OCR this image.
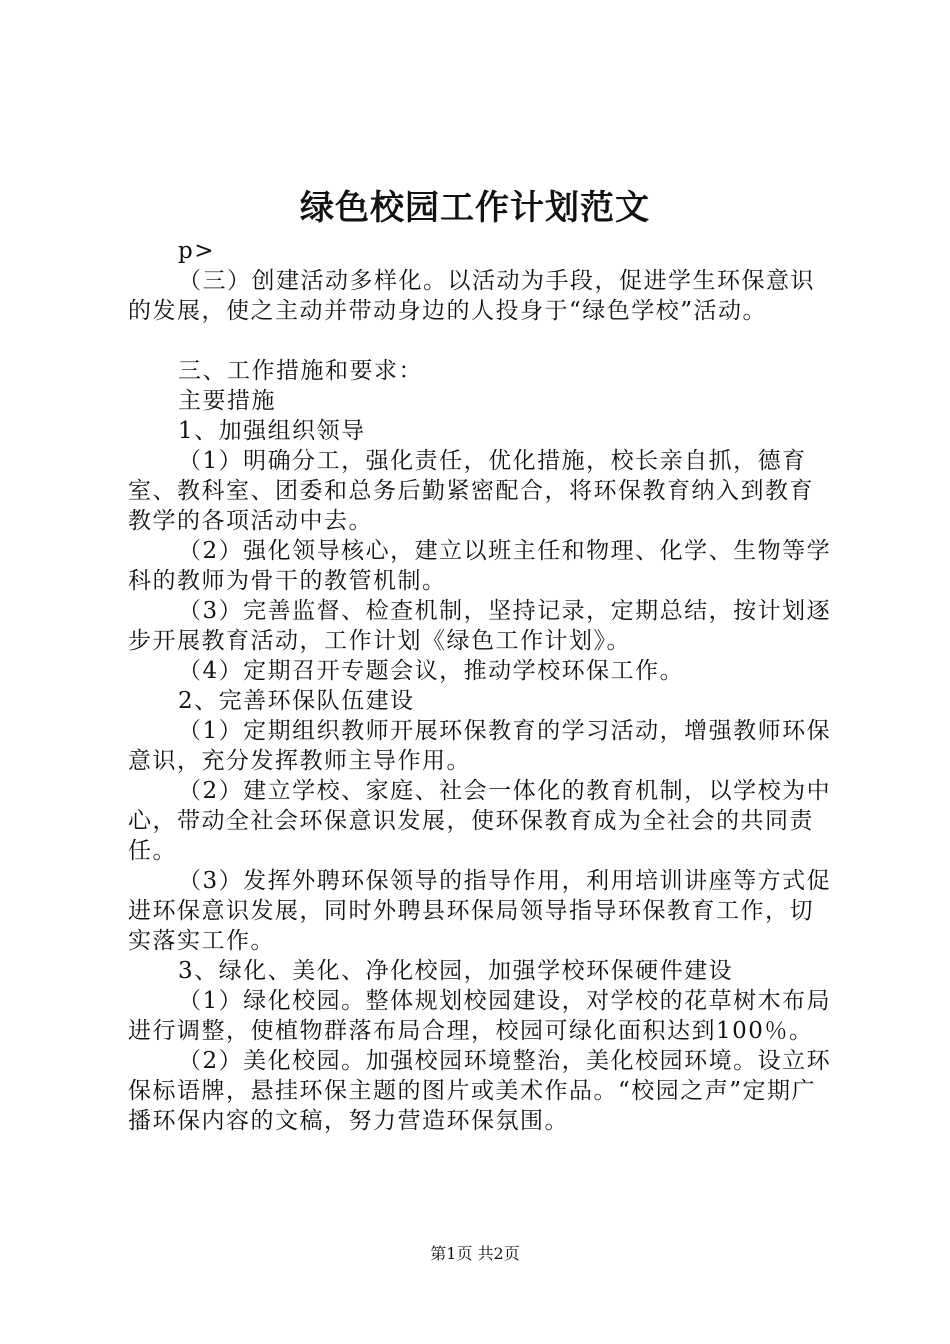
绿色校园工作计划范文

p>

（三）创建活动多样化。以活动为手段，促进学生环保意识的发展，使之主动并带动身边的人投身于“绿色学校”活动。

三、工作措施和要求：

主要措施

1、加强组织领导

（1）明确分工，强化责任，优化措施，校长亲自抓，德育室、教科室、团委和总务后勤紧密配合，将环保教育纳入到教育教学的各项活动中去。

（2）强化领导核心，建立以班主任和物理、化学、生物等学科的教师为骨干的教管机制。

（3）完善监督、检查机制，坚持记录，定期总结，按计划逐步开展教育活动，工作计划《绿色工作计划》。

（4）定期召开专题会议，推动学校环保工作。

2、完善环保队伍建设

（1）定期组织教师开展环保教育的学习活动，增强教师环保意识，充分发挥教师主导作用。

（2）建立学校、家庭、社会一体化的教育机制，以学校为中心，带动全社会环保意识发展，使环保教育成为全社会的共同责任。

（3）发挥外聘环保领导的指导作用，利用培训讲座等方式促进环保意识发展，同时外聘县环保局领导指导环保教育工作，切实落实工作。

3、绿化、美化、净化校园，加强学校环保硬件建设

（1）绿化校园。整体规划校园建设，对学校的花草树木布局进行调整，使植物群落布局合理，校园可绿化面积达到100％。

（2）美化校园。加强校园环境整治，美化校园环境。设立环保标语牌，悬挂环保主题的图片或美术作品。“校园之声”定期广播环保内容的文稿，努力营造环保氛围。

第1页 共2页
